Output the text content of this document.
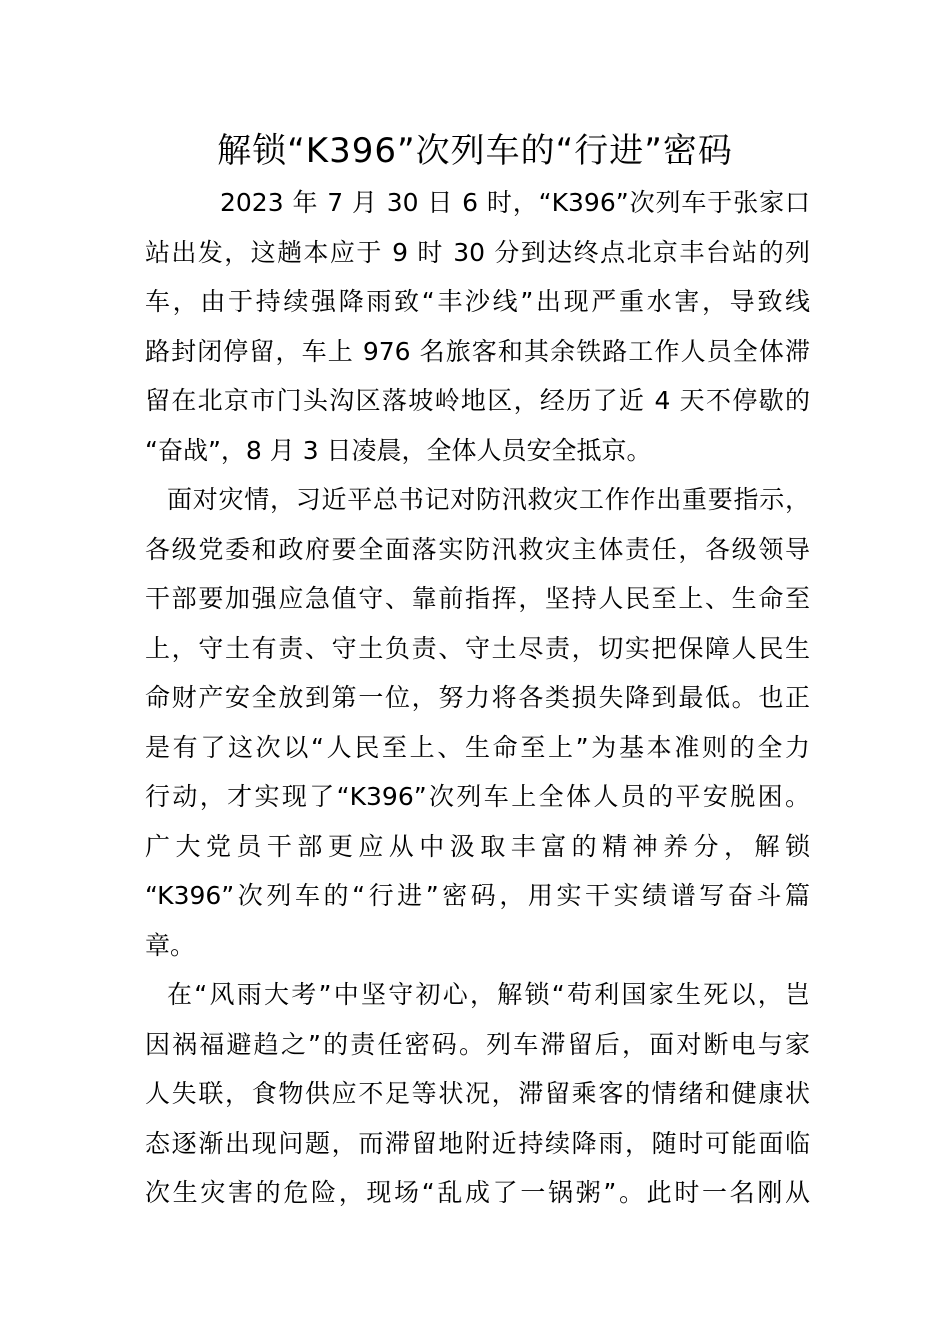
解锁“K396”次列车的“行进”密码
2023 年 7 月 30 日 6 时，“K396”次列车于张家口
站出发，这趟本应于 9 时 30 分到达终点北京丰台站的列
车，由于持续强降雨致“丰沙线”出现严重水害，导致线
路封闭停留，车上 976 名旅客和其余铁路工作人员全体滞
留在北京市门头沟区落坡岭地区，经历了近 4 天不停歇的
“奋战”，8 月 3 日凌晨，全体人员安全抵京。
面对灾情，习近平总书记对防汛救灾工作作出重要指示，
各级党委和政府要全面落实防汛救灾主体责任，各级领导
干部要加强应急值守、靠前指挥，坚持人民至上、生命至
上，守土有责、守土负责、守土尽责，切实把保障人民生
命财产安全放到第一位，努力将各类损失降到最低。也正
是有了这次以“人民至上、生命至上”为基本准则的全力
行动，才实现了“K396”次列车上全体人员的平安脱困。
广大党员干部更应从中汲取丰富的精神养分，解锁
“K396”次列车的“行进”密码，用实干实绩谱写奋斗篇
章。
在“风雨大考”中坚守初心，解锁“苟利国家生死以，岂
因祸福避趋之”的责任密码。列车滞留后，面对断电与家
人失联，食物供应不足等状况，滞留乘客的情绪和健康状
态逐渐出现问题，而滞留地附近持续降雨，随时可能面临
次生灾害的危险，现场“乱成了一锅粥”。此时一名刚从
